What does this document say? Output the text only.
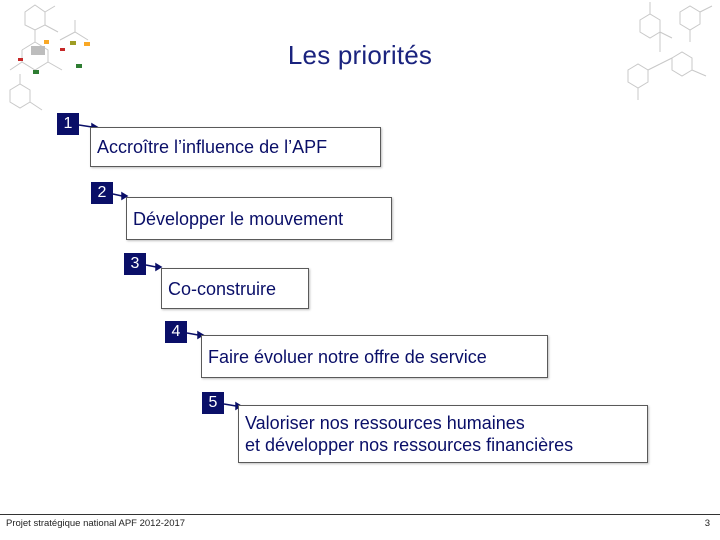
Les priorités
1
Accroître l’influence de l’APF
2
Développer le mouvement
3
Co-construire
4
Faire évoluer notre offre de service
5
Valoriser nos ressources humaines
et développer nos ressources financières
Projet stratégique national APF 2012-2017	3
